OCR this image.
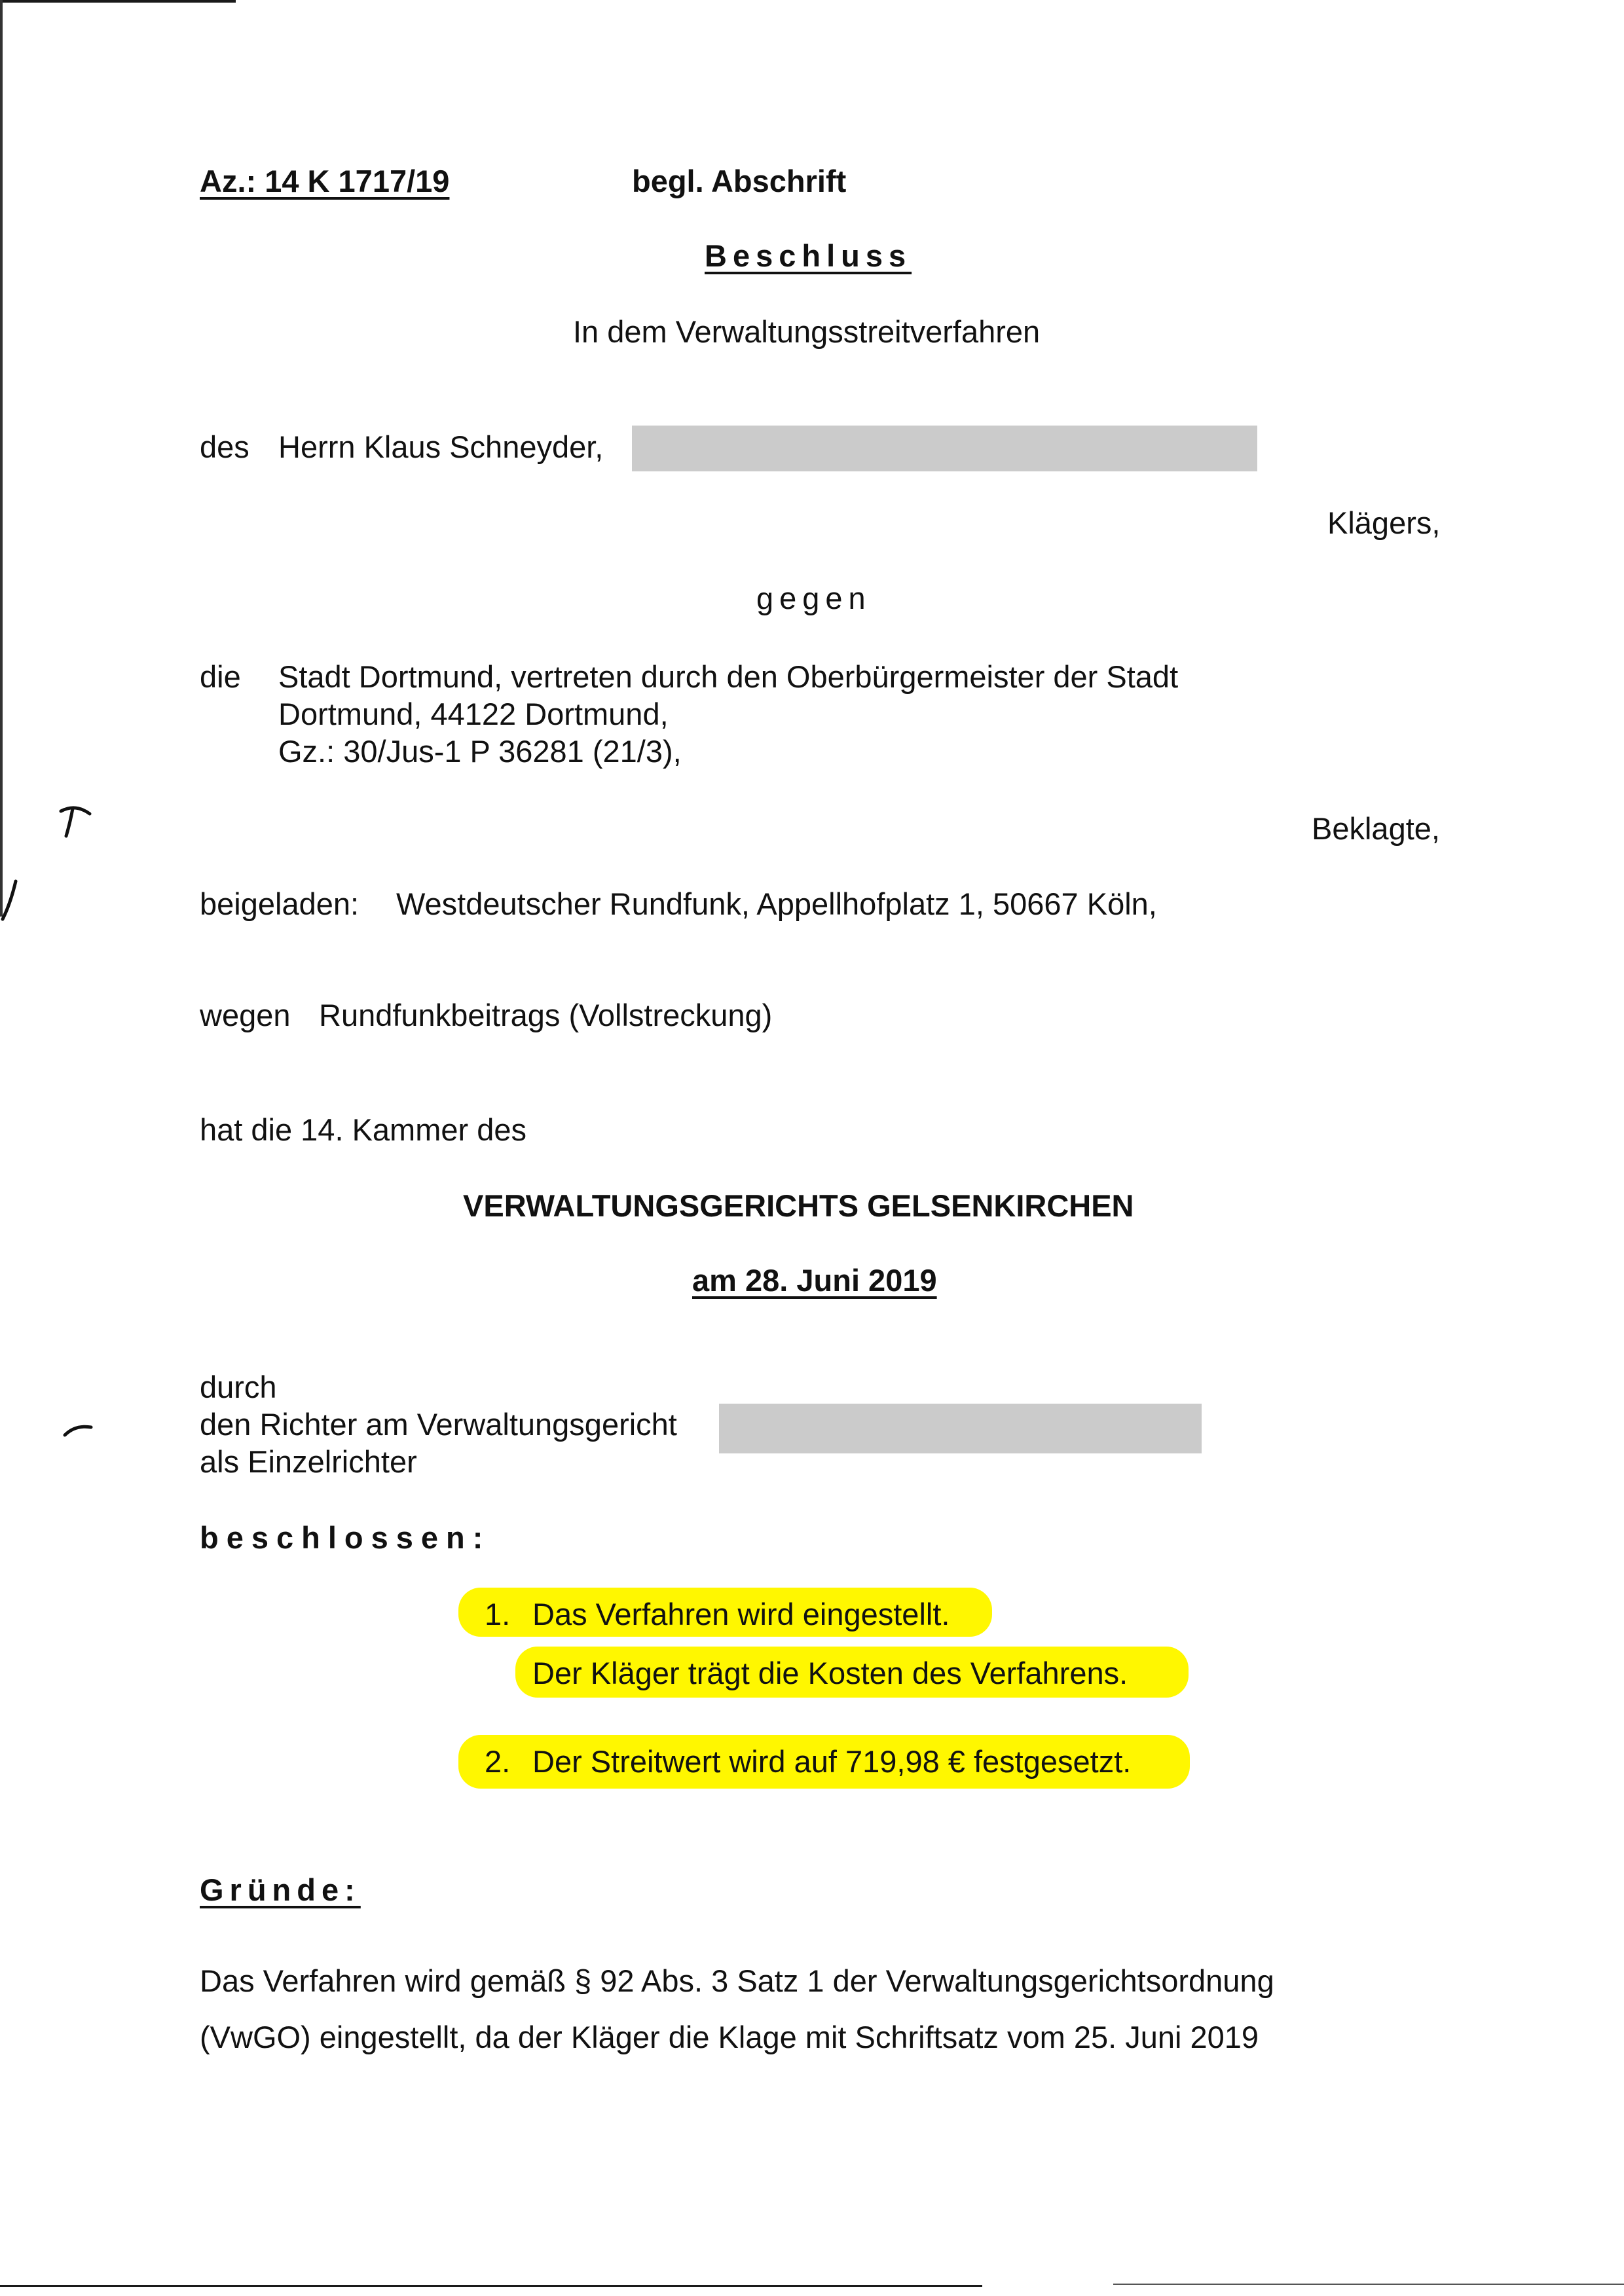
Az.: 14 K 1717/19	begl. Abschrift
Beschluss
In dem Verwaltungsstreitverfahren
des Herrn Klaus Schneyder,
Klägers,
gegen
die Stadt Dortmund, vertreten durch den Oberbürgermeister der Stadt
Dortmund, 44122 Dortmund,
Gz.: 30/Jus-1 P 36281 (21/3),
Beklagte,
beigeladen: Westdeutscher Rundfunk, Appellhofplatz 1, 50667 Köln,
wegen Rundfunkbeitrags (Vollstreckung)
hat die 14. Kammer des
VERWALTUNGSGERICHTS GELSENKIRCHEN
am 28. Juni 2019
durch
den Richter am Verwaltungsgericht
als Einzelrichter
beschlossen:
1. Das Verfahren wird eingestellt.
Der Kläger trägt die Kosten des Verfahrens.
2. Der Streitwert wird auf 719,98 € festgesetzt.
Gründe:
Das Verfahren wird gemäß § 92 Abs. 3 Satz 1 der Verwaltungsgerichtsordnung
(VwGO) eingestellt, da der Kläger die Klage mit Schriftsatz vom 25. Juni 2019
